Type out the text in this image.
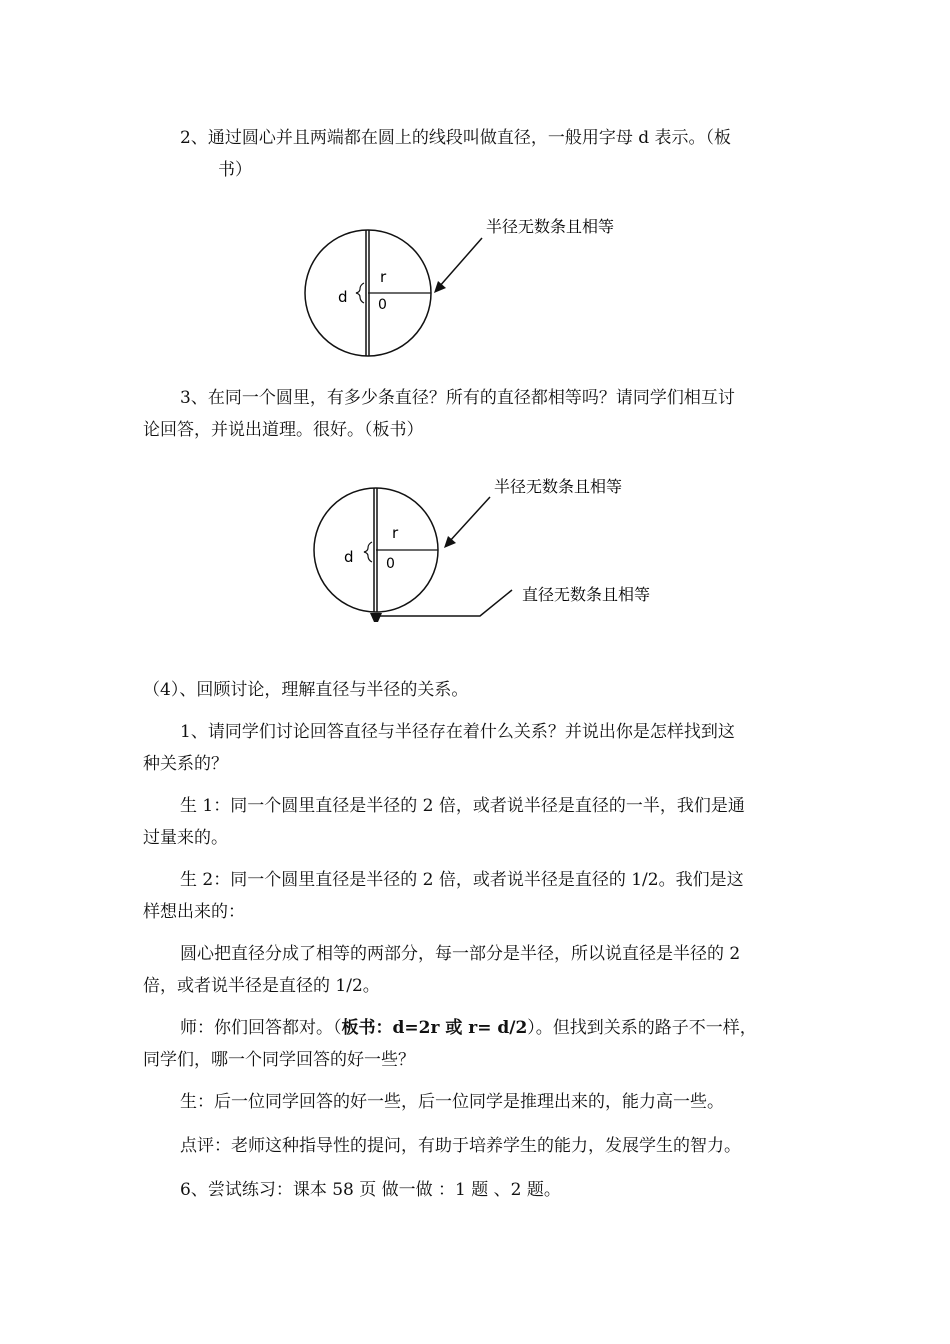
2、通过圆心并且两端都在圆上的线段叫做直径，一般用字母 d 表示。（板
书）
r
d 0
半径无数条且相等
3、在同一个圆里，有多少条直径？所有的直径都相等吗？请同学们相互讨
论回答，并说出道理。很好。（板书）
r
d 0
半径无数条且相等
直径无数条且相等
（4）、回顾讨论，理解直径与半径的关系。
1、请同学们讨论回答直径与半径存在着什么关系？并说出你是怎样找到这
种关系的？
生 1：同一个圆里直径是半径的 2 倍，或者说半径是直径的一半，我们是通
过量来的。
生 2：同一个圆里直径是半径的 2 倍，或者说半径是直径的 1/2。我们是这
样想出来的：
圆心把直径分成了相等的两部分，每一部分是半径，所以说直径是半径的 2
倍，或者说半径是直径的 1/2。
师：你们回答都对。（板书：d=2r 或 r= d/2）。但找到关系的路子不一样，
同学们，哪一个同学回答的好一些？
生：后一位同学回答的好一些，后一位同学是推理出来的，能力高一些。
点评：老师这种指导性的提问，有助于培养学生的能力，发展学生的智力。
6、尝试练习：课本 58 页 做一做 ：1 题 、2 题。
